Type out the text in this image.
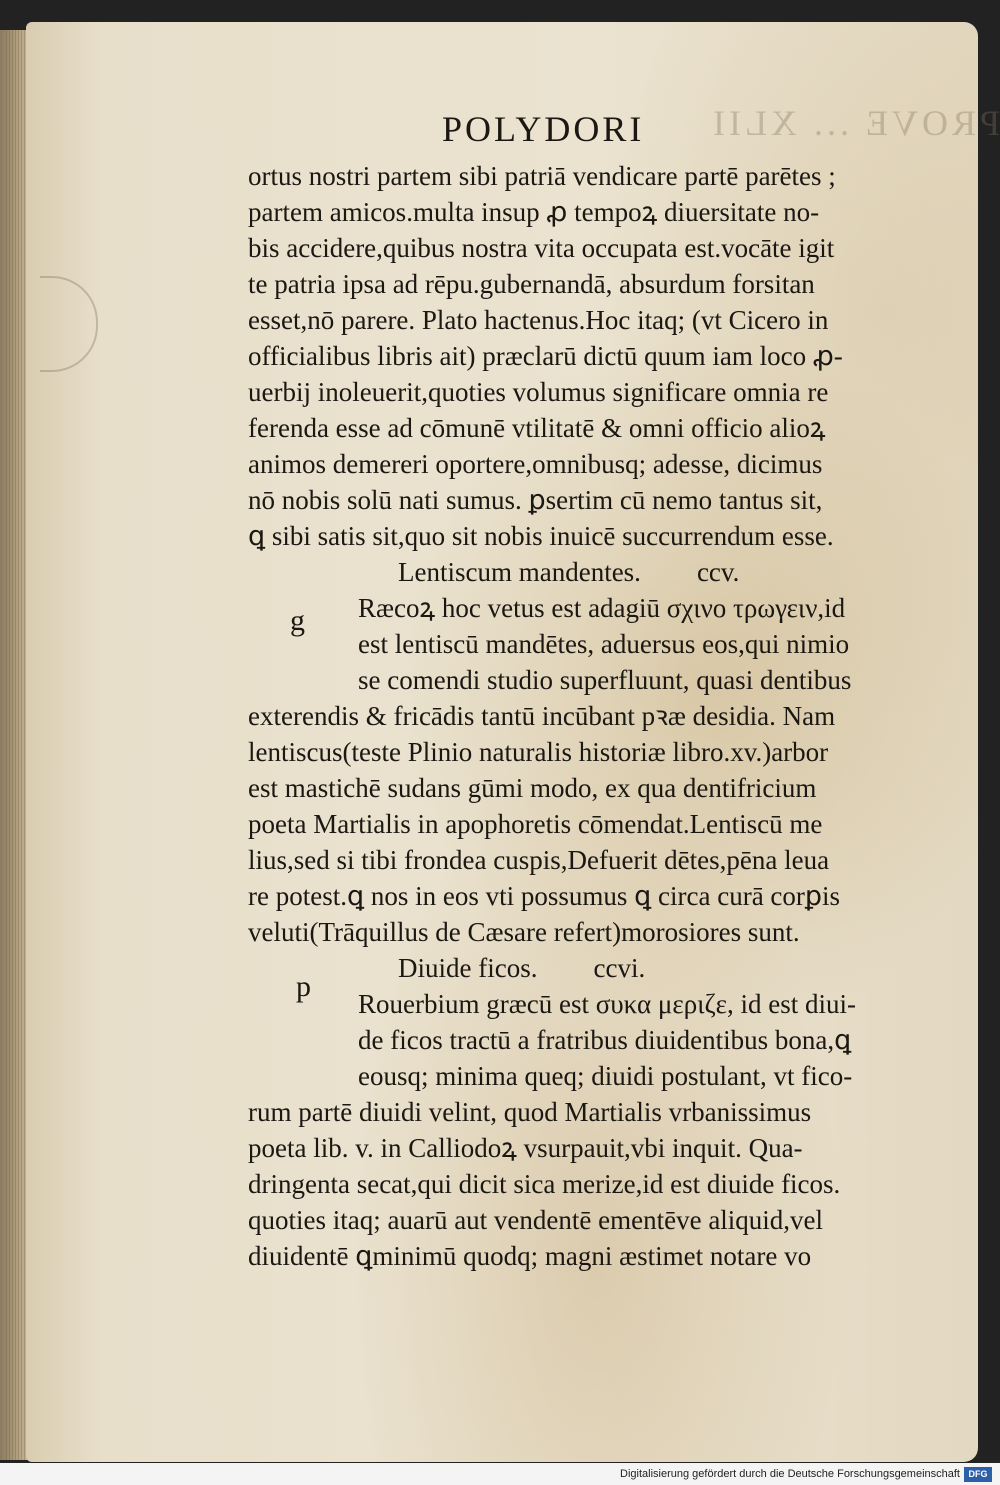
PROVE ... XLII
POLYDORI
ortus nostri partem sibi patriā vendicare partē parētes ;
partem amicos.multa insup ꝓ tempoꝝ diuersitate no-
bis accidere,quibus nostra vita occupata est.vocāte igit
te patria ipsa ad rēpu.gubernandā, absurdum forsitan
esset,nō parere. Plato hactenus.Hoc itaq; (vt Cicero in
officialibus libris ait) præclarū dictū quum iam loco ꝓ-
uerbij inoleuerit,quoties volumus significare omnia re
ferenda esse ad cōmunē vtilitatē & omni officio alioꝝ
animos demereri oportere,omnibusq; adesse, dicimus
nō nobis solū nati sumus. ꝑsertim cū nemo tantus sit,
ꝗ sibi satis sit,quo sit nobis inuicē succurrendum esse.
Lentiscum mandentes. ccv.
Ræcoꝝ hoc vetus est adagiū σχινο τρωγειν,id
est lentiscū mandētes, aduersus eos,qui nimio
se comendi studio superfluunt, quasi dentibus
exterendis & fricādis tantū incūbant pꝛæ desidia. Nam
lentiscus(teste Plinio naturalis historiæ libro.xv.)arbor
est mastichē sudans gūmi modo, ex qua dentifricium
poeta Martialis in apophoretis cōmendat.Lentiscū me
lius,sed si tibi frondea cuspis,Defuerit dētes,pēna leua
re potest.ꝗ nos in eos vti possumus ꝗ circa curā corꝑis
veluti(Trāquillus de Cæsare refert)morosiores sunt.
Diuide ficos. ccvi.
Rouerbium græcū est συκα μεριζε, id est diui-
de ficos tractū a fratribus diuidentibus bona,ꝗ
eousq; minima queq; diuidi postulant, vt fico-
rum partē diuidi velint, quod Martialis vrbanissimus
poeta lib. v. in Calliodoꝝ vsurpauit,vbi inquit. Qua-
dringenta secat,qui dicit sica merize,id est diuide ficos.
quoties itaq; auarū aut vendentē ementēve aliquid,vel
diuidentē ꝗminimū quodq; magni æstimet notare vo
g
p
Digitalisierung gefördert durch die Deutsche Forschungsgemeinschaft DFG
